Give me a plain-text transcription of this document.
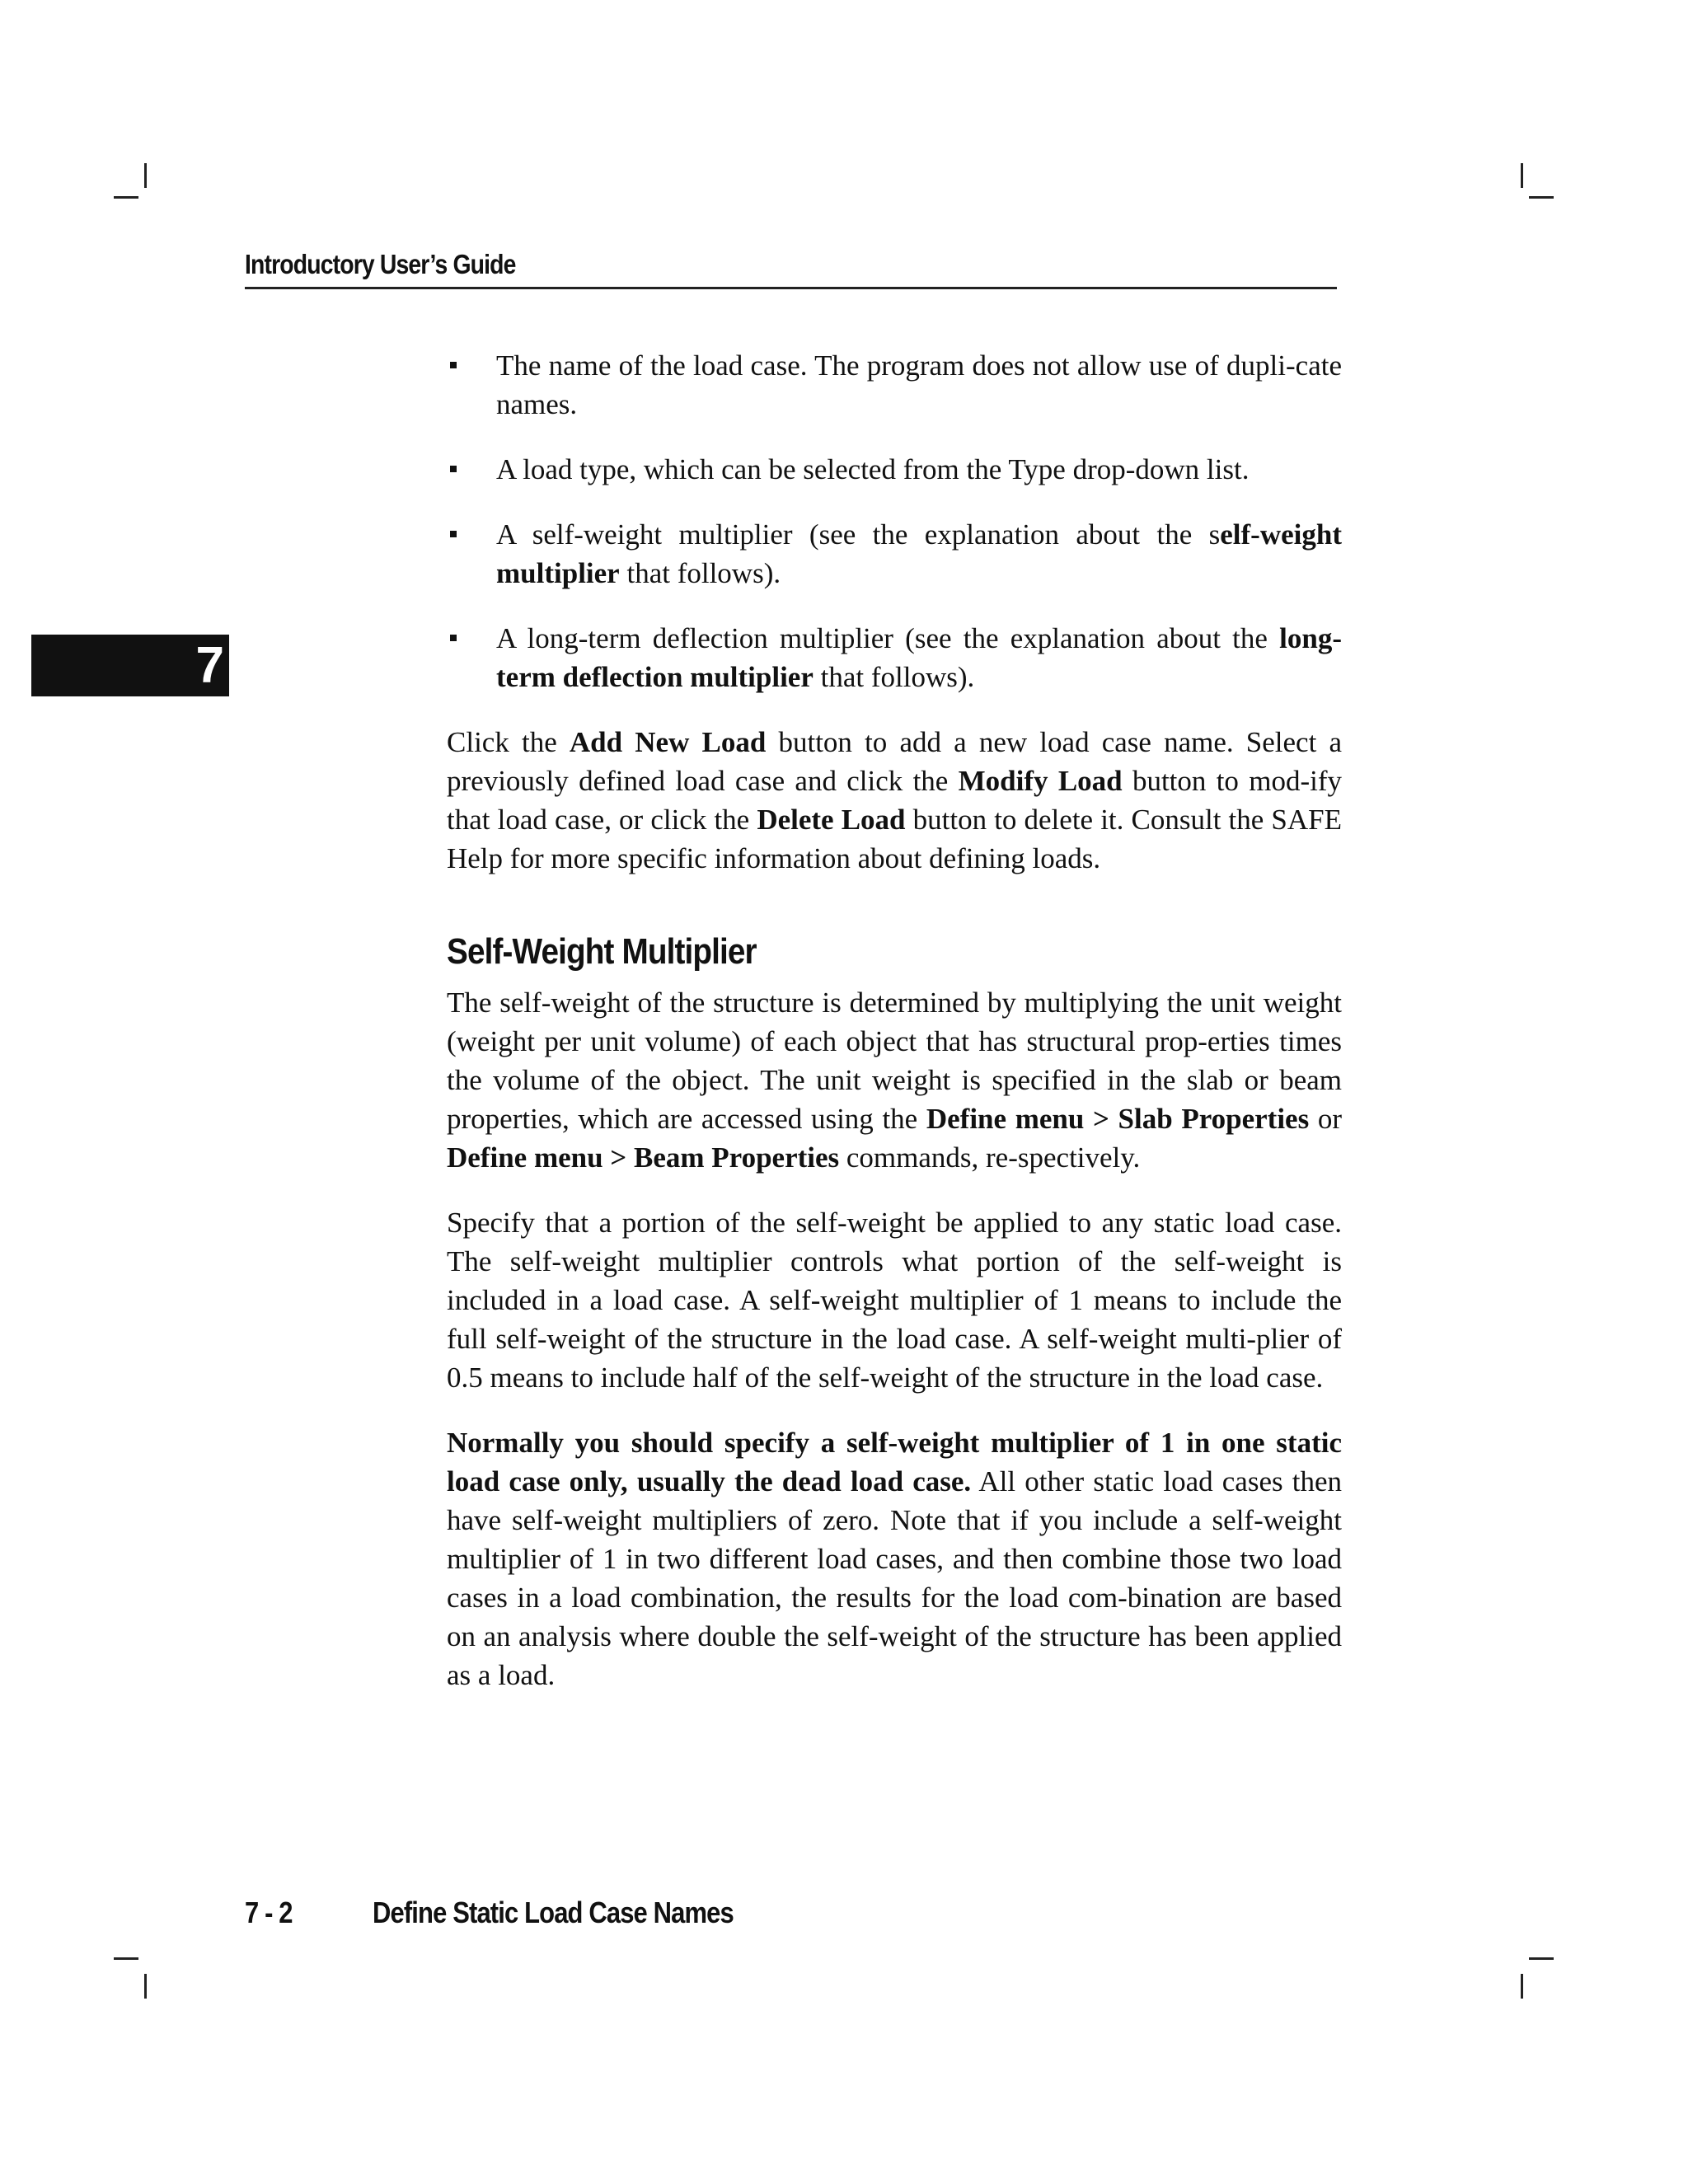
Introductory User’s Guide
7
The name of the load case. The program does not allow use of dupli-cate names.
A load type, which can be selected from the Type drop-down list.
A self-weight multiplier (see the explanation about the self-weight multiplier that follows).
A long-term deflection multiplier (see the explanation about the long-term deflection multiplier that follows).

Click the Add New Load button to add a new load case name. Select a previously defined load case and click the Modify Load button to mod-ify that load case, or click the Delete Load button to delete it. Consult the SAFE Help for more specific information about defining loads.

Self-Weight Multiplier

The self-weight of the structure is determined by multiplying the unit weight (weight per unit volume) of each object that has structural prop-erties times the volume of the object. The unit weight is specified in the slab or beam properties, which are accessed using the Define menu > Slab Properties or Define menu > Beam Properties commands, re-spectively.

Specify that a portion of the self-weight be applied to any static load case. The self-weight multiplier controls what portion of the self-weight is included in a load case. A self-weight multiplier of 1 means to include the full self-weight of the structure in the load case. A self-weight multi-plier of 0.5 means to include half of the self-weight of the structure in the load case.

Normally you should specify a self-weight multiplier of 1 in one static load case only, usually the dead load case. All other static load cases then have self-weight multipliers of zero. Note that if you include a self-weight multiplier of 1 in two different load cases, and then combine those two load cases in a load combination, the results for the load com-bination are based on an analysis where double the self-weight of the structure has been applied as a load.

7 - 2	Define Static Load Case Names
